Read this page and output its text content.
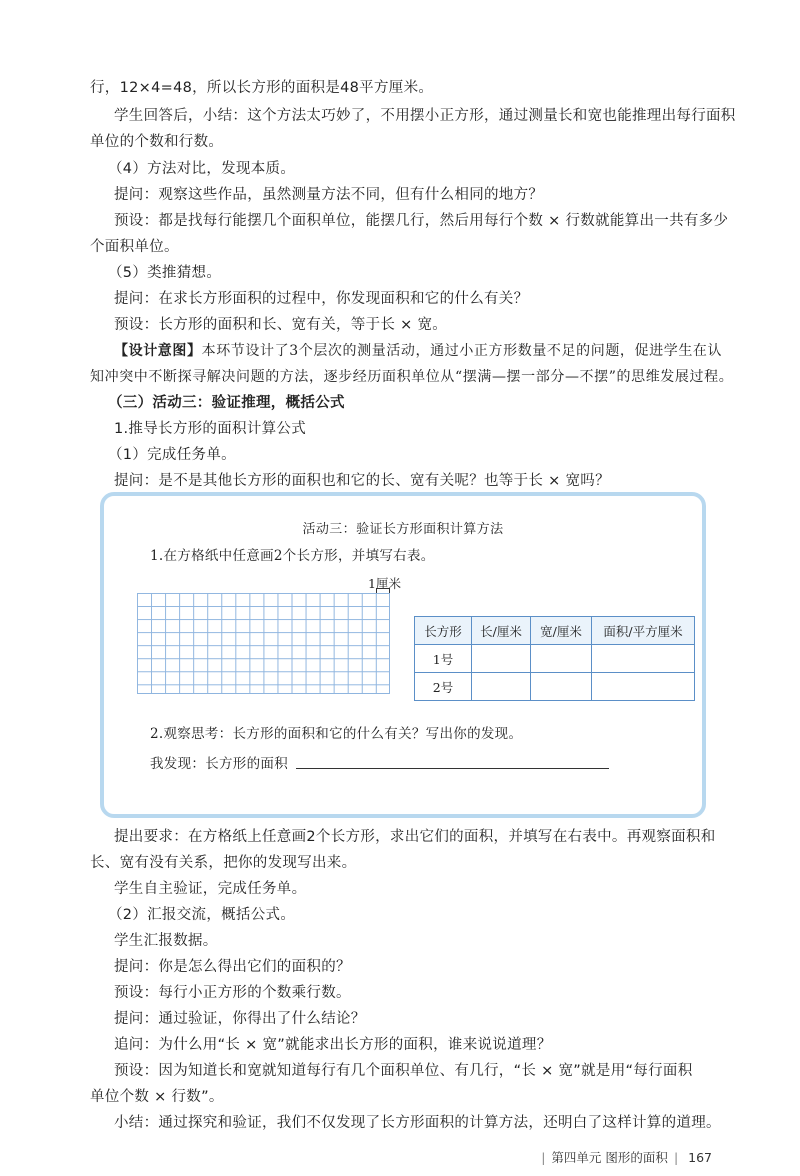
行，12×4=48，所以长方形的面积是48平方厘米。

学生回答后，小结：这个方法太巧妙了，不用摆小正方形，通过测量长和宽也能推理出每行面积

单位的个数和行数。

（4）方法对比，发现本质。

提问：观察这些作品，虽然测量方法不同，但有什么相同的地方？

预设：都是找每行能摆几个面积单位，能摆几行，然后用每行个数 × 行数就能算出一共有多少

个面积单位。

（5）类推猜想。

提问：在求长方形面积的过程中，你发现面积和它的什么有关？

预设：长方形的面积和长、宽有关，等于长 × 宽。

【设计意图】本环节设计了3个层次的测量活动，通过小正方形数量不足的问题，促进学生在认

知冲突中不断探寻解决问题的方法，逐步经历面积单位从“摆满—摆一部分—不摆”的思维发展过程。

（三）活动三：验证推理，概括公式

1.推导长方形的面积计算公式

（1）完成任务单。

提问：是不是其他长方形的面积也和它的长、宽有关呢？也等于长 × 宽吗？

活动三：验证长方形面积计算方法
1.在方格纸中任意画2个长方形，并填写右表。
1厘米
长方形	长/厘米	宽/厘米	面积/平方厘米
1号			
2号			
2.观察思考：长方形的面积和它的什么有关？写出你的发现。
我发现：长方形的面积

提出要求：在方格纸上任意画2个长方形，求出它们的面积，并填写在右表中。再观察面积和

长、宽有没有关系，把你的发现写出来。

学生自主验证，完成任务单。

（2）汇报交流，概括公式。

学生汇报数据。

提问：你是怎么得出它们的面积的？

预设：每行小正方形的个数乘行数。

提问：通过验证，你得出了什么结论？

追问：为什么用“长 × 宽”就能求出长方形的面积，谁来说说道理？

预设：因为知道长和宽就知道每行有几个面积单位、有几行，“长 × 宽”就是用“每行面积

单位个数 × 行数”。

小结：通过探究和验证，我们不仅发现了长方形面积的计算方法，还明白了这样计算的道理。

| 第四单元 图形的面积 | 167
